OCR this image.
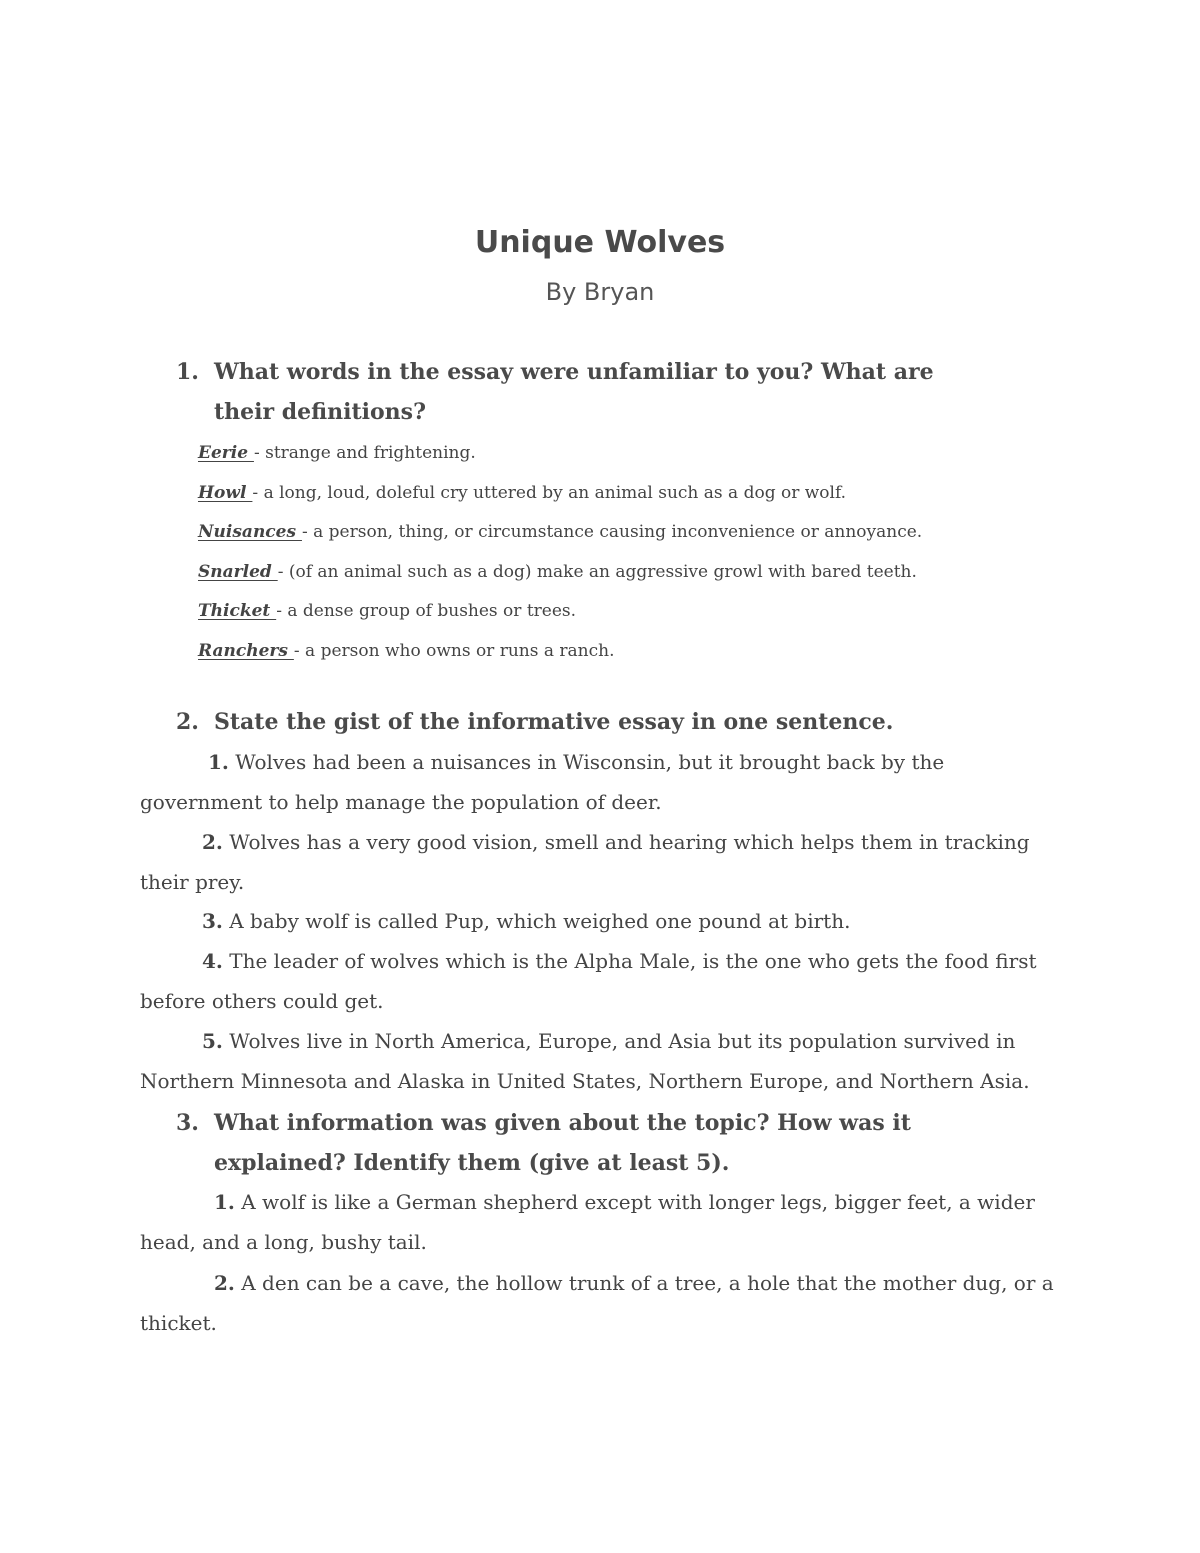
Unique Wolves
By Bryan
1. What words in the essay were unfamiliar to you? What are their definitions?
Eerie - strange and frightening.
Howl - a long, loud, doleful cry uttered by an animal such as a dog or wolf.
Nuisances - a person, thing, or circumstance causing inconvenience or annoyance.
Snarled - (of an animal such as a dog) make an aggressive growl with bared teeth.
Thicket - a dense group of bushes or trees.
Ranchers - a person who owns or runs a ranch.
2. State the gist of the informative essay in one sentence.
1. Wolves had been a nuisances in Wisconsin, but it brought back by the government to help manage the population of deer.
2. Wolves has a very good vision, smell and hearing which helps them in tracking their prey.
3. A baby wolf is called Pup, which weighed one pound at birth.
4. The leader of wolves which is the Alpha Male, is the one who gets the food first before others could get.
5. Wolves live in North America, Europe, and Asia but its population survived in Northern Minnesota and Alaska in United States, Northern Europe, and Northern Asia.
3. What information was given about the topic? How was it explained? Identify them (give at least 5).
1. A wolf is like a German shepherd except with longer legs, bigger feet, a wider head, and a long, bushy tail.
2. A den can be a cave, the hollow trunk of a tree, a hole that the mother dug, or a thicket.
